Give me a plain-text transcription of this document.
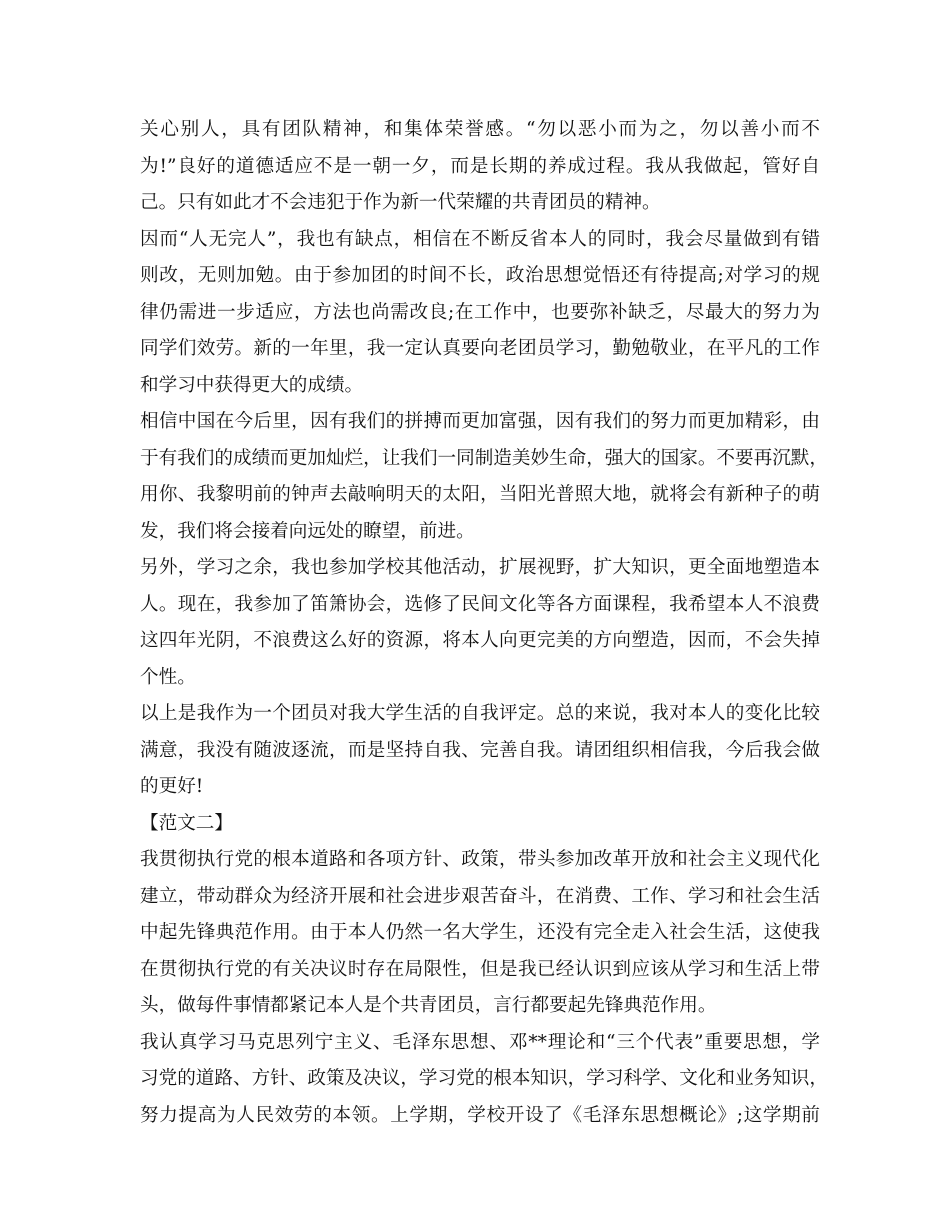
关心别人，具有团队精神，和集体荣誉感。“勿以恶小而为之，勿以善小而不
为!”良好的道德适应不是一朝一夕，而是长期的养成过程。我从我做起，管好自
己。只有如此才不会违犯于作为新一代荣耀的共青团员的精神。
因而“人无完人”，我也有缺点，相信在不断反省本人的同时，我会尽量做到有错
则改，无则加勉。由于参加团的时间不长，政治思想觉悟还有待提高;对学习的规
律仍需进一步适应，方法也尚需改良;在工作中，也要弥补缺乏，尽最大的努力为
同学们效劳。新的一年里，我一定认真要向老团员学习，勤勉敬业，在平凡的工作
和学习中获得更大的成绩。
相信中国在今后里，因有我们的拼搏而更加富强，因有我们的努力而更加精彩，由
于有我们的成绩而更加灿烂，让我们一同制造美妙生命，强大的国家。不要再沉默，
用你、我黎明前的钟声去敲响明天的太阳，当阳光普照大地，就将会有新种子的萌
发，我们将会接着向远处的瞭望，前进。
另外，学习之余，我也参加学校其他活动，扩展视野，扩大知识，更全面地塑造本
人。现在，我参加了笛箫协会，选修了民间文化等各方面课程，我希望本人不浪费
这四年光阴，不浪费这么好的资源，将本人向更完美的方向塑造，因而，不会失掉
个性。
以上是我作为一个团员对我大学生活的自我评定。总的来说，我对本人的变化比较
满意，我没有随波逐流，而是坚持自我、完善自我。请团组织相信我，今后我会做
的更好!
【范文二】
我贯彻执行党的根本道路和各项方针、政策，带头参加改革开放和社会主义现代化
建立，带动群众为经济开展和社会进步艰苦奋斗，在消费、工作、学习和社会生活
中起先锋典范作用。由于本人仍然一名大学生，还没有完全走入社会生活，这使我
在贯彻执行党的有关决议时存在局限性，但是我已经认识到应该从学习和生活上带
头，做每件事情都紧记本人是个共青团员，言行都要起先锋典范作用。
我认真学习马克思列宁主义、毛泽东思想、邓**理论和“三个代表”重要思想，学
习党的道路、方针、政策及决议，学习党的根本知识，学习科学、文化和业务知识，
努力提高为人民效劳的本领。上学期，学校开设了《毛泽东思想概论》;这学期前
